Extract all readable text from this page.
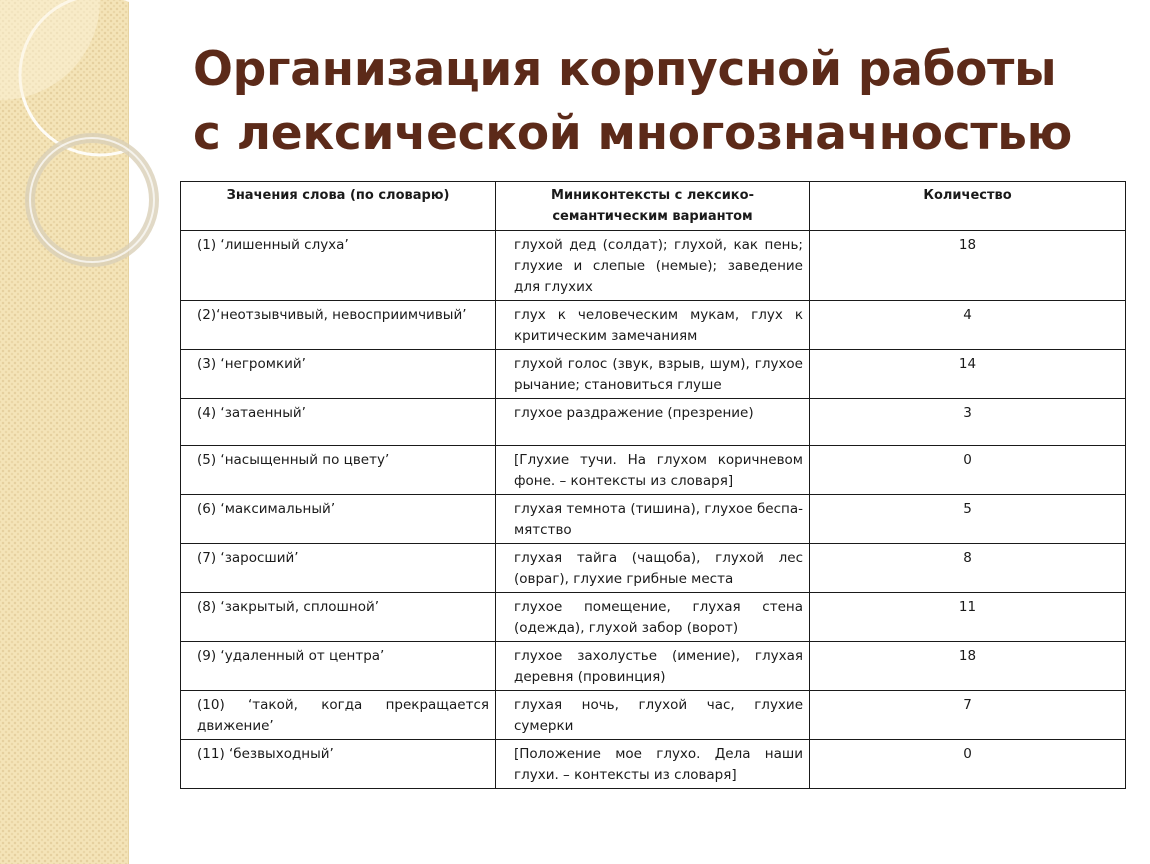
Организация корпусной работы
с лексической многозначностью
Значения слова (по словарю)	Миниконтексты с лексико-семантическим вариантом	Количество
(1) ‘лишенный слуха’	глухой дед (солдат); глухой, как пень; глухие и слепые (немые); заведение для глухих	18
(2)‘неотзывчивый, невосприимчивый’	глух к человеческим мукам, глух к критическим замечаниям	4
(3) ‘негромкий’	глухой голос (звук, взрыв, шум), глухое рычание; становиться глуше	14
(4) ‘затаенный’	глухое раздражение (презрение)	3
(5) ‘насыщенный по цвету’	[Глухие тучи. На глухом коричневом фоне. – контексты из словаря]	0
(6) ‘максимальный’	глухая темнота (тишина), глухое беспа-мятство	5
(7) ‘заросший’	глухая тайга (чащоба), глухой лес (овраг), глухие грибные места	8
(8) ‘закрытый, сплошной’	глухое помещение, глухая стена (одежда), глухой забор (ворот)	11
(9) ‘удаленный от центра’	глухое захолустье (имение), глухая деревня (провинция)	18
(10) ‘такой, когда прекращается движение’	глухая ночь, глухой час, глухие сумерки	7
(11) ‘безвыходный’	[Положение мое глухо. Дела наши глухи. – контексты из словаря]	0
